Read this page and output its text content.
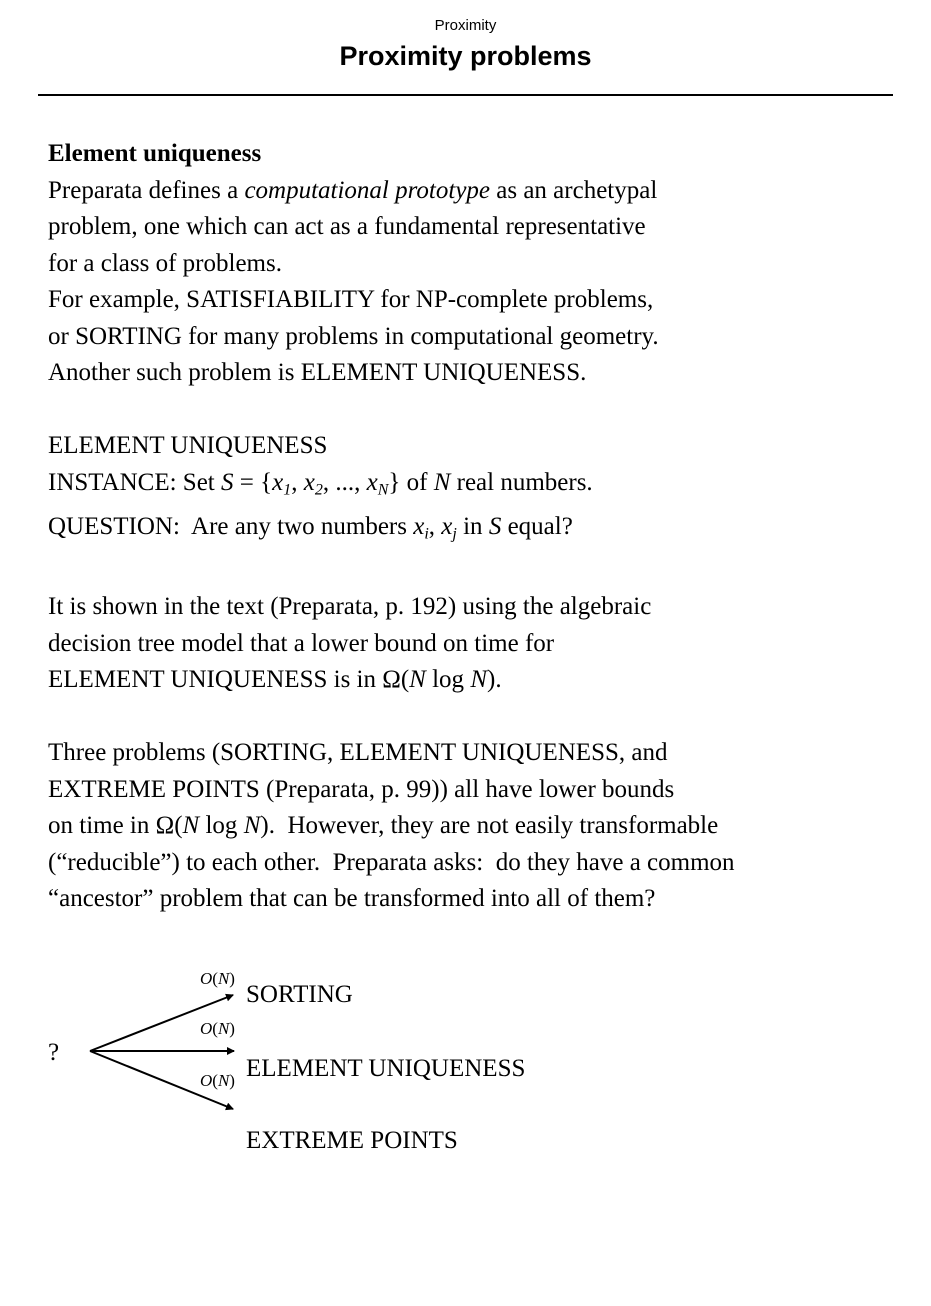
Proximity
Proximity problems
Element uniqueness
Preparata defines a computational prototype as an archetypal
problem, one which can act as a fundamental representative
for a class of problems.
For example, SATISFIABILITY for NP-complete problems,
or SORTING for many problems in computational geometry.
Another such problem is ELEMENT UNIQUENESS.
ELEMENT UNIQUENESS
INSTANCE: Set $S = \{x_1$, $x_2$, ..., $x_N$} of N real numbers.
QUESTION:  Are any two numbers $x_i$, $x_j$ in S equal?
It is shown in the text (Preparata, p. 192) using the algebraic
decision tree model that a lower bound on time for
ELEMENT UNIQUENESS is in Ω(N log N).
Three problems (SORTING, ELEMENT UNIQUENESS, and
EXTREME POINTS (Preparata, p. 99)) all have lower bounds
on time in Ω(N log N).  However, they are not easily transformable
(“reducible”) to each other.  Preparata asks:  do they have a common
“ancestor” problem that can be transformed into all of them?
?
O(N)
O(N)
O(N)
SORTING
ELEMENT UNIQUENESS
EXTREME POINTS
